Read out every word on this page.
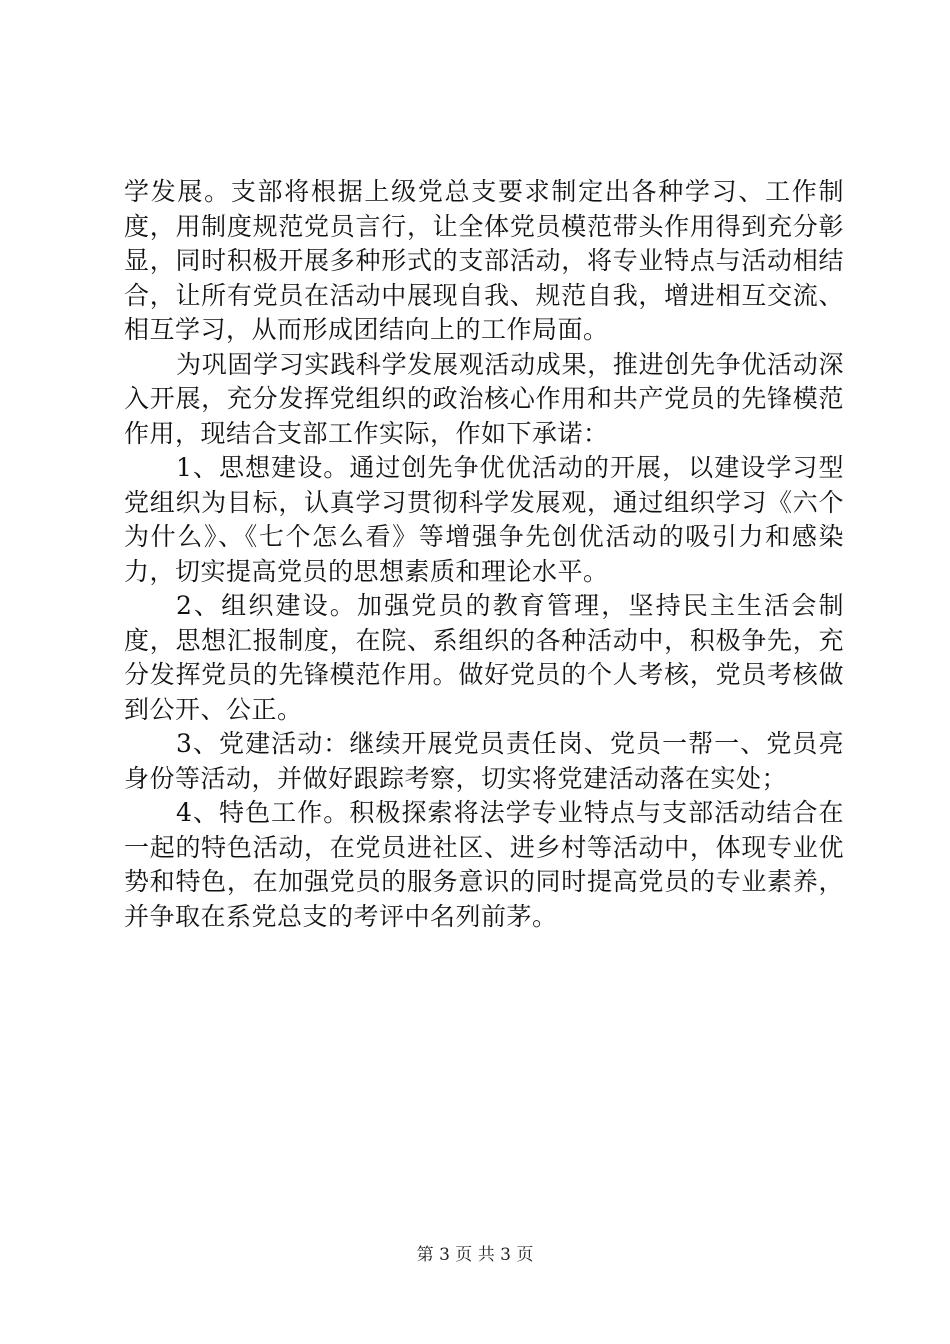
学发展。支部将根据上级党总支要求制定出各种学习、工作制度，用制度规范党员言行，让全体党员模范带头作用得到充分彰显，同时积极开展多种形式的支部活动，将专业特点与活动相结合，让所有党员在活动中展现自我、规范自我，增进相互交流、相互学习，从而形成团结向上的工作局面。

为巩固学习实践科学发展观活动成果，推进创先争优活动深入开展，充分发挥党组织的政治核心作用和共产党员的先锋模范作用，现结合支部工作实际，作如下承诺：

1、思想建设。通过创先争优优活动的开展，以建设学习型党组织为目标，认真学习贯彻科学发展观，通过组织学习《六个为什么》、《七个怎么看》等增强争先创优活动的吸引力和感染力，切实提高党员的思想素质和理论水平。

2、组织建设。加强党员的教育管理，坚持民主生活会制度，思想汇报制度，在院、系组织的各种活动中，积极争先，充分发挥党员的先锋模范作用。做好党员的个人考核，党员考核做到公开、公正。

3、党建活动：继续开展党员责任岗、党员一帮一、党员亮身份等活动，并做好跟踪考察，切实将党建活动落在实处；

4、特色工作。积极探索将法学专业特点与支部活动结合在一起的特色活动，在党员进社区、进乡村等活动中，体现专业优势和特色，在加强党员的服务意识的同时提高党员的专业素养，并争取在系党总支的考评中名列前茅。

第 3 页 共 3 页
